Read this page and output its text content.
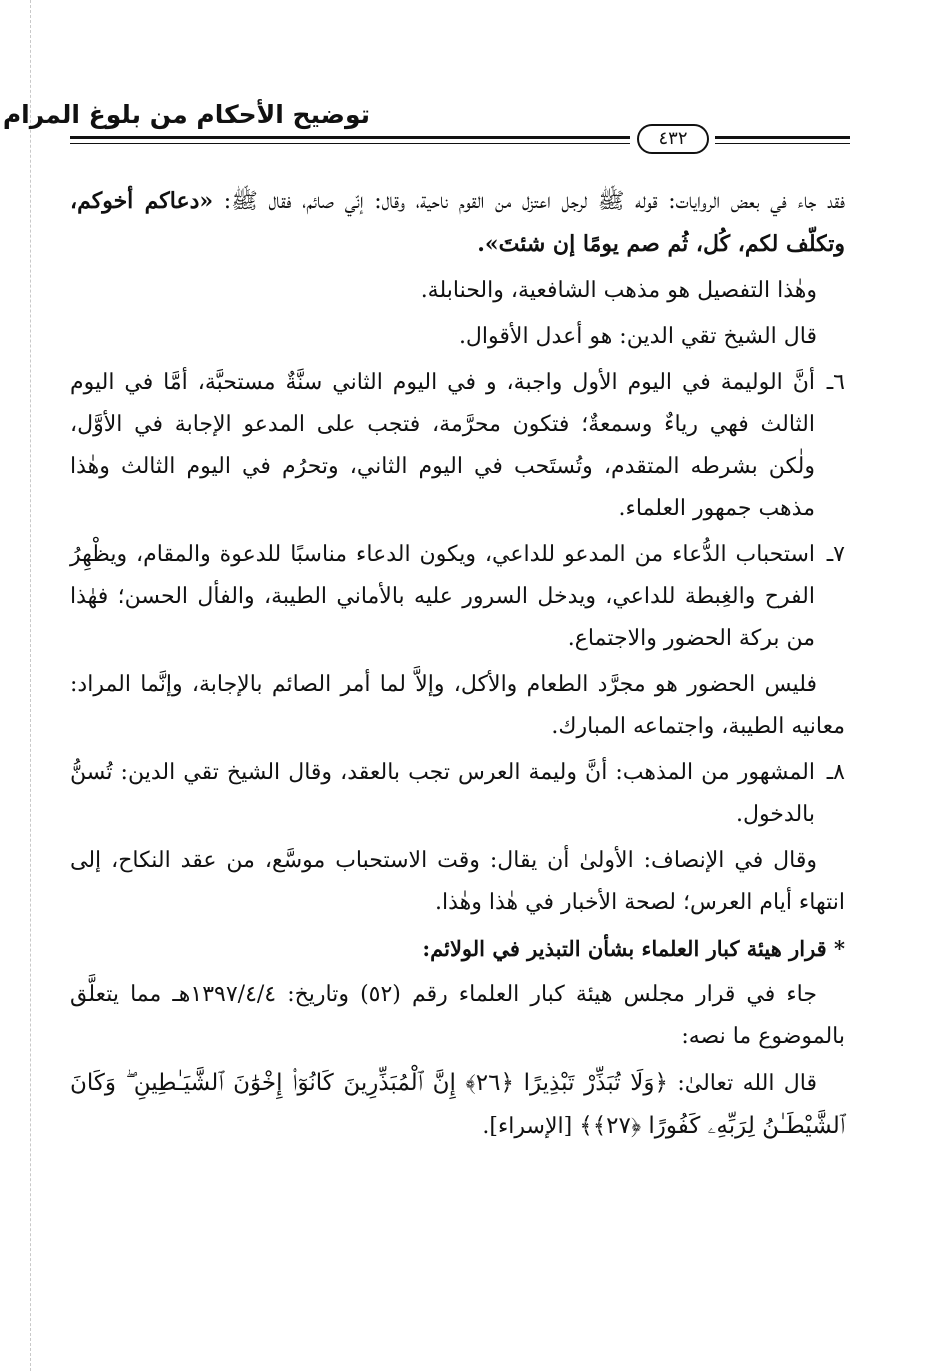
توضيح الأحكام من بلوغ المرام
٤٣٢

فقد جاء في بعض الروايات: قوله ﷺ لرجل اعتزل من القوم ناحية، وقال: إنّي صائم، فقال ﷺ: «دعاكم أخوكم، وتكلّف لكم، كُل، ثُم صم يومًا إن شئتَ».

وهٰذا التفصيل هو مذهب الشافعية، والحنابلة.

قال الشيخ تقي الدين: هو أعدل الأقوال.

٦ـ
أنَّ الوليمة في اليوم الأول واجبة، و في اليوم الثاني سنَّةٌ مستحبَّة، أمَّا في اليوم الثالث فهي رياءٌ وسمعةٌ؛ فتكون محرَّمة، فتجب على المدعو الإجابة في الأوَّل، ولٰكن بشرطه المتقدم، وتُستَحب في اليوم الثاني، وتحرُم في اليوم الثالث وهٰذا مذهب جمهور العلماء.

٧ـ
استحباب الدُّعاء من المدعو للداعي، ويكون الدعاء مناسبًا للدعوة والمقام، ويظْهِرُ الفرح والغِبطة للداعي، ويدخل السرور عليه بالأماني الطيبة، والفأل الحسن؛ فهٰذا من بركة الحضور والاجتماع.

فليس الحضور هو مجرَّد الطعام والأكل، وإلاَّ لما أمر الصائم بالإجابة، وإنَّما المراد: معانيه الطيبة، واجتماعه المبارك.

٨ـ
المشهور من المذهب: أنَّ وليمة العرس تجب بالعقد، وقال الشيخ تقي الدين: تُسنُّ بالدخول.

وقال في الإنصاف: الأولىٰ أن يقال: وقت الاستحباب موسَّع، من عقد النكاح، إلى انتهاء أيام العرس؛ لصحة الأخبار في هٰذا وهٰذا.

* قرار هيئة كبار العلماء بشأن التبذير في الولائم:

جاء في قرار مجلس هيئة كبار العلماء رقم (٥٢) وتاريخ: ١٣٩٧/٤/٤هـ مما يتعلَّق بالموضوع ما نصه:

قال الله تعالىٰ: ﴿وَلَا تُبَذِّرْ تَبْذِيرًا ﴿٢٦﴾ إِنَّ ٱلْمُبَذِّرِينَ كَانُوٓا۟ إِخْوَٰنَ ٱلشَّيَـٰطِينِ ۖ وَكَانَ ٱلشَّيْطَـٰنُ لِرَبِّهِۦ كَفُورًا ﴿٢٧﴾﴾ [الإسراء].
